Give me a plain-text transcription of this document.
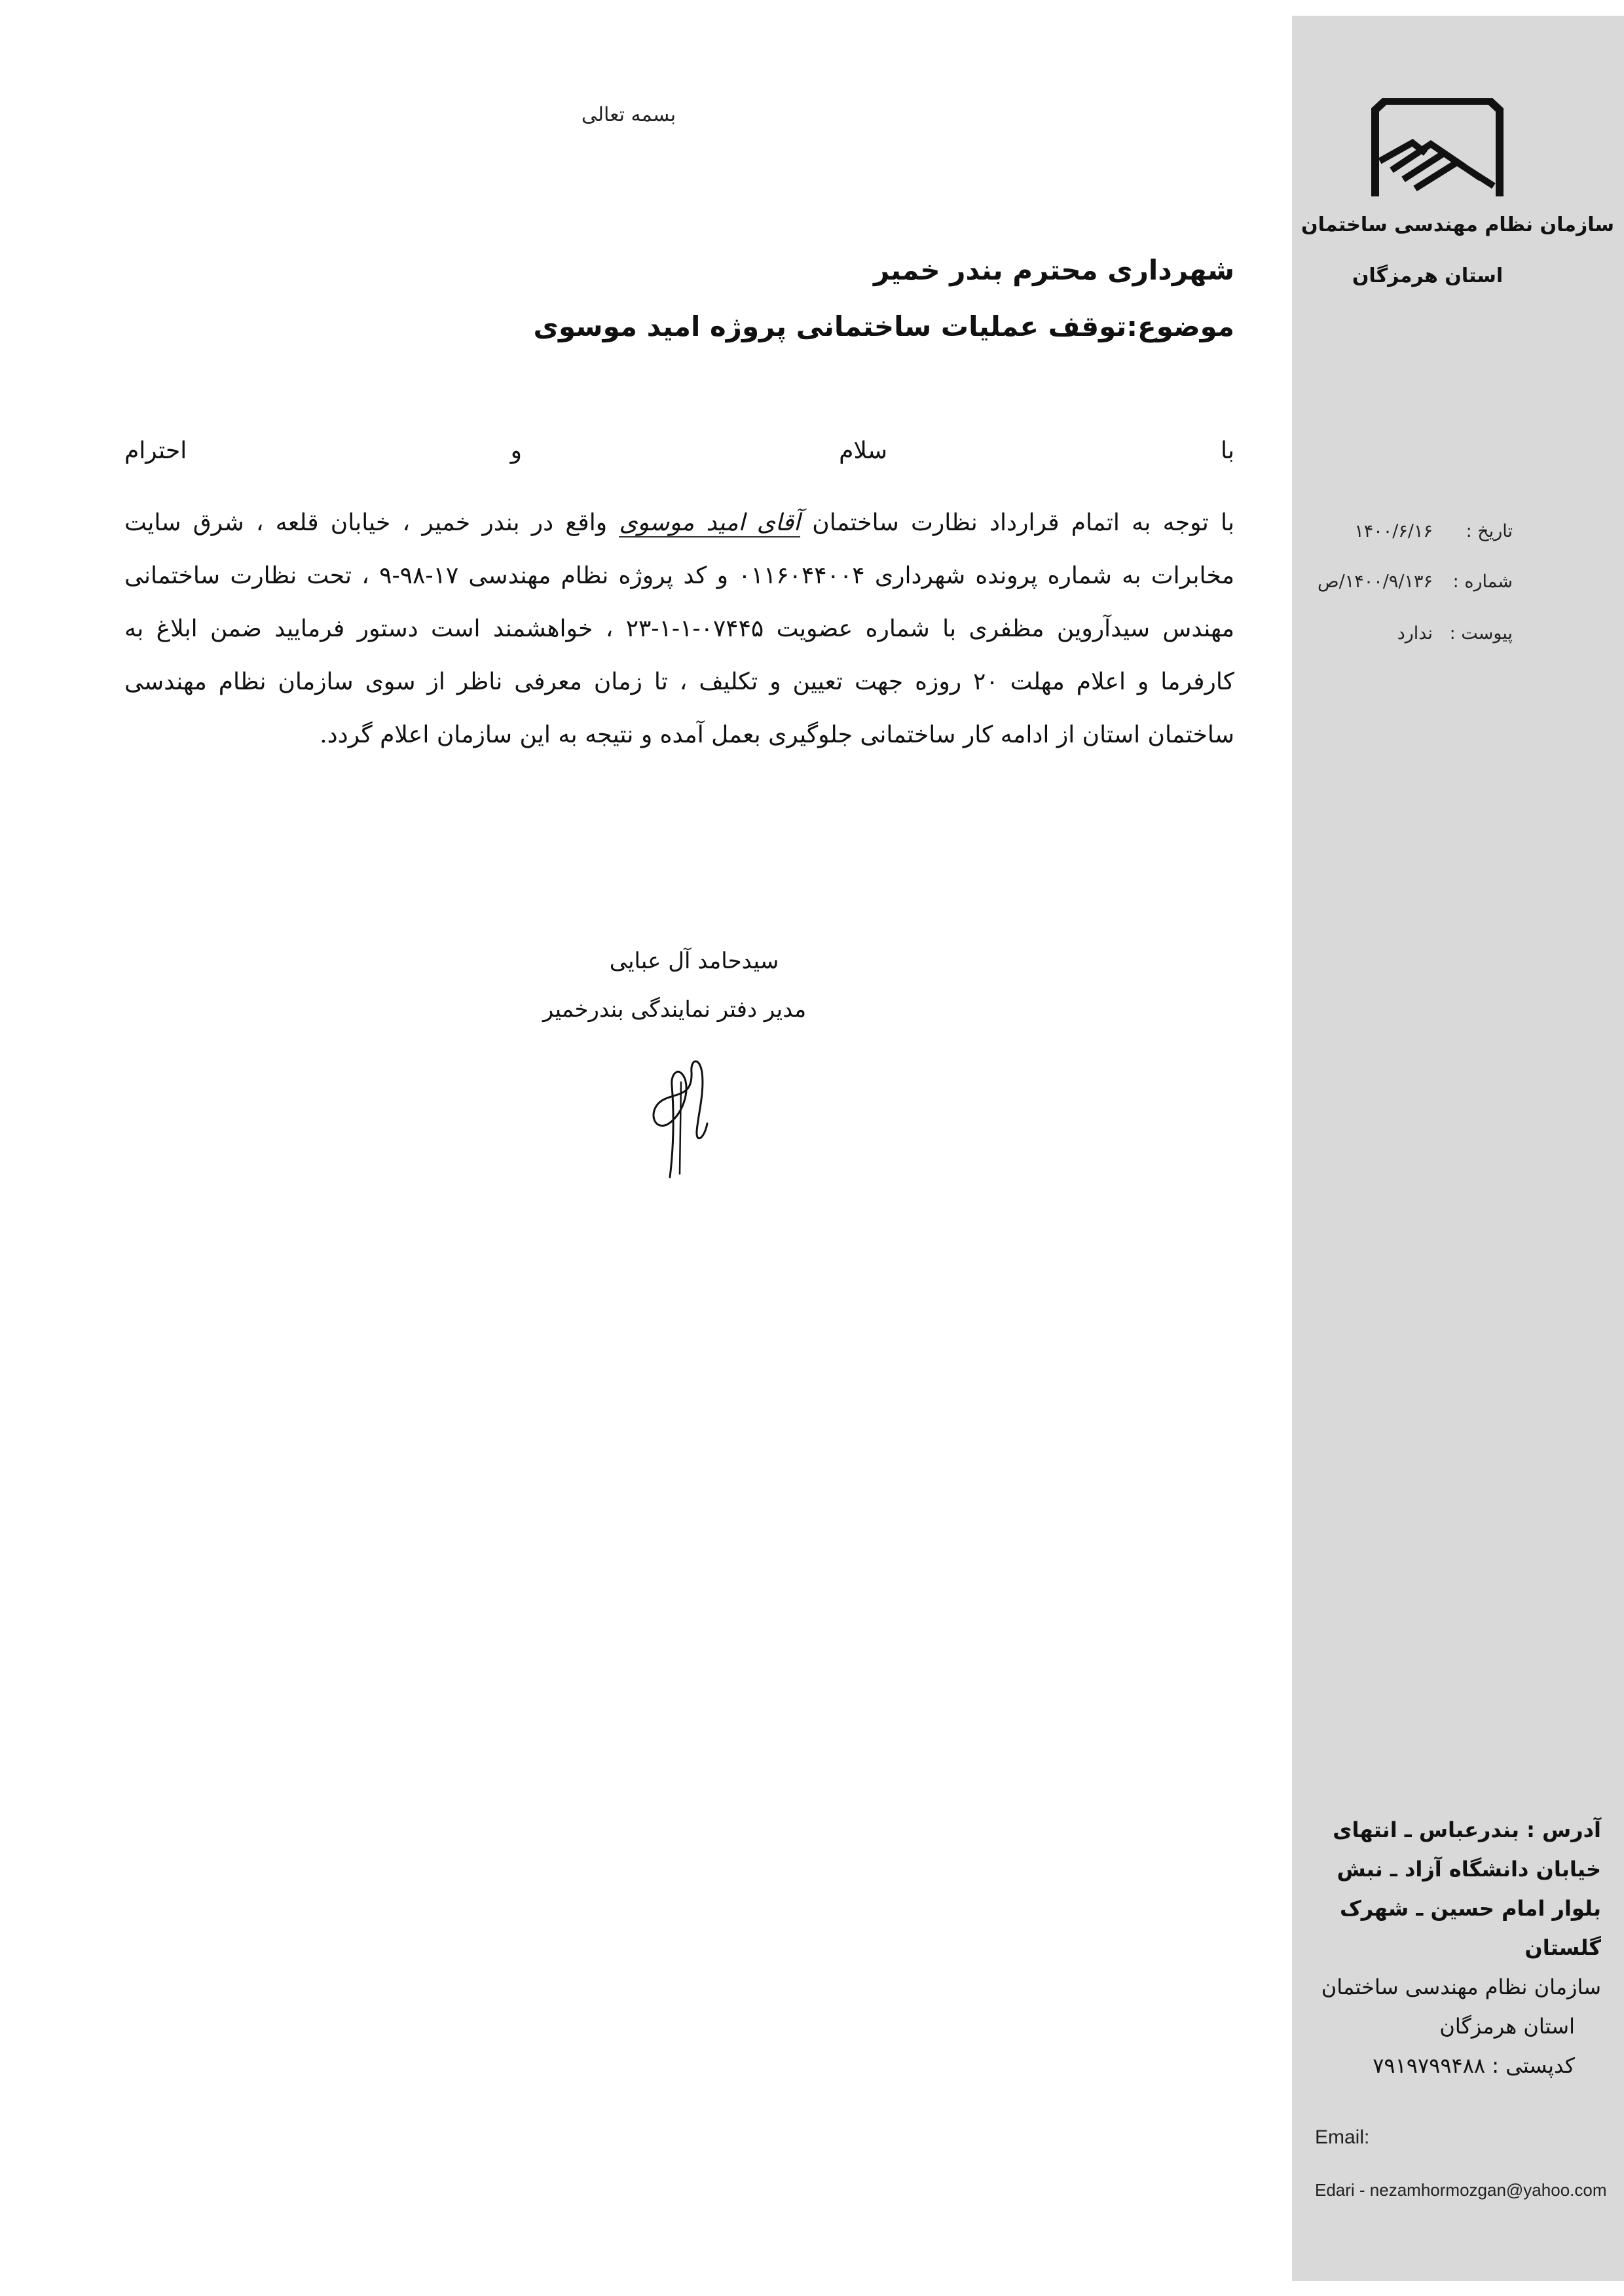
سازمان نظام مهندسی ساختمان
استان هرمزگان
تاریخ :
۱۴۰۰/۶/۱۶
شماره :
۱۴۰۰/۹/۱۳۶/ص
پیوست :
ندارد
آدرس : بندرعباس ـ انتهای
خیابان دانشگاه آزاد ـ نبش
بلوار امام حسین ـ شهرک
گلستان
سازمان نظام مهندسی ساختمان
استان هرمزگان
کدپستی : ۷۹۱۹۷۹۹۴۸۸
Email:
Edari - nezamhormozgan@yahoo.com
بسمه تعالی
شهرداری محترم بندر خمیر
موضوع:توقف عملیات ساختمانی پروژه امید موسوی
با
سلام
و
احترام
با توجه به اتمام قرارداد نظارت ساختمان آقای امید موسوی واقع در بندر خمیر ، خیابان قلعه ، شرق سایت مخابرات به شماره پرونده شهرداری ۰۱۱۶۰۴۴۰۰۴ و کد پروژه نظام مهندسی ۱۷-۹۸-۹ ، تحت نظارت ساختمانی مهندس سیدآروین مظفری با شماره عضویت ۰۷۴۴۵-۱-۱-۲۳ ، خواهشمند است دستور فرمایید ضمن ابلاغ به کارفرما و اعلام مهلت ۲۰ روزه جهت تعیین و تکلیف ، تا زمان معرفی ناظر از سوی سازمان نظام مهندسی ساختمان استان از ادامه کار ساختمانی جلوگیری بعمل آمده و نتیجه به این سازمان اعلام گردد.
سیدحامد آل عبایی
مدیر دفتر نمایندگی بندرخمیر
